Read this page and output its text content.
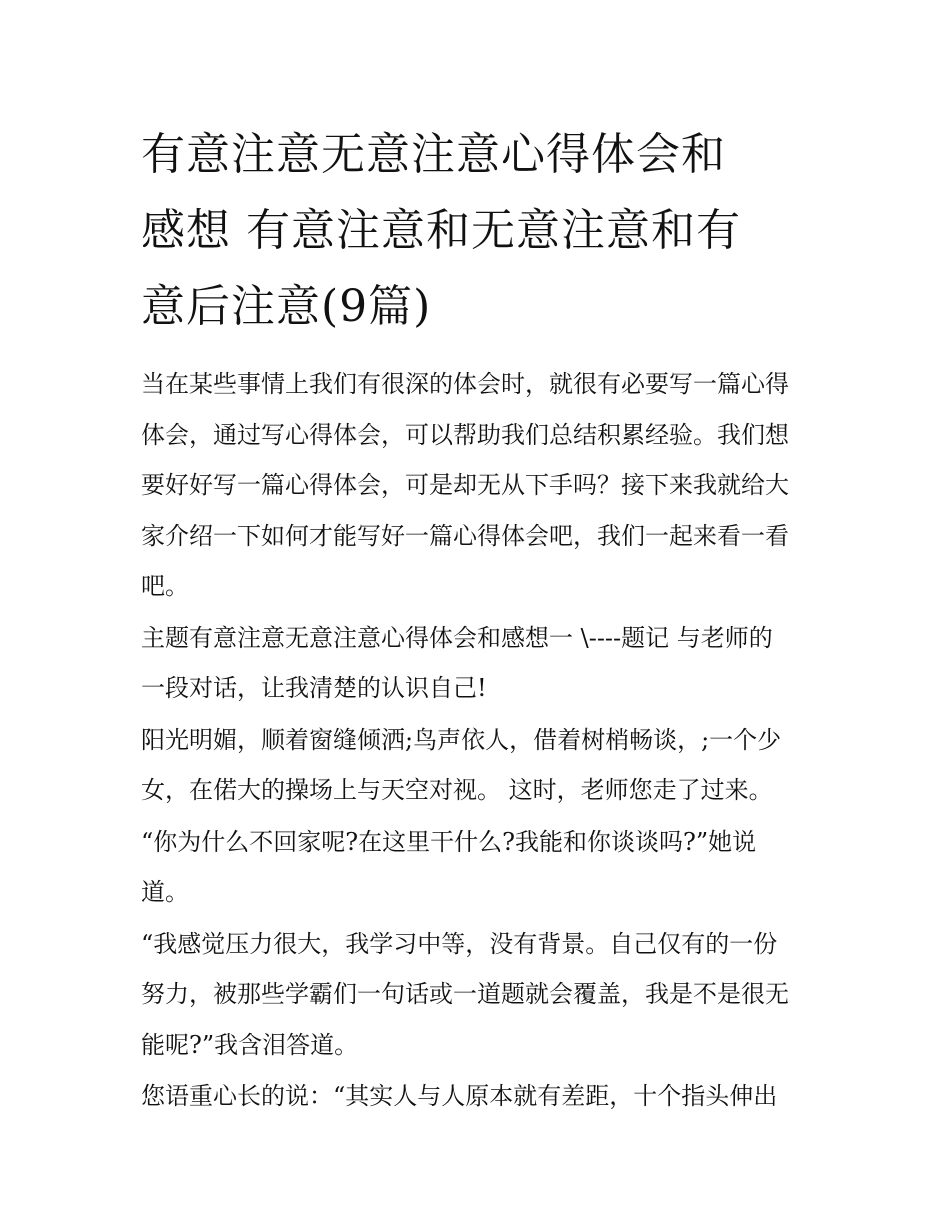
有意注意无意注意心得体会和
感想 有意注意和无意注意和有
意后注意(9篇)

当在某些事情上我们有很深的体会时，就很有必要写一篇心得
体会，通过写心得体会，可以帮助我们总结积累经验。我们想
要好好写一篇心得体会，可是却无从下手吗？接下来我就给大
家介绍一下如何才能写好一篇心得体会吧，我们一起来看一看
吧。

主题有意注意无意注意心得体会和感想一 \----题记 与老师的
一段对话，让我清楚的认识自己!

阳光明媚，顺着窗缝倾洒;鸟声依人，借着树梢畅谈，;一个少
女，在偌大的操场上与天空对视。 这时，老师您走了过来。

“你为什么不回家呢?在这里干什么?我能和你谈谈吗?”她说
道。

“我感觉压力很大，我学习中等，没有背景。自己仅有的一份
努力，被那些学霸们一句话或一道题就会覆盖，我是不是很无
能呢?”我含泪答道。

您语重心长的说：“其实人与人原本就有差距，十个指头伸出
